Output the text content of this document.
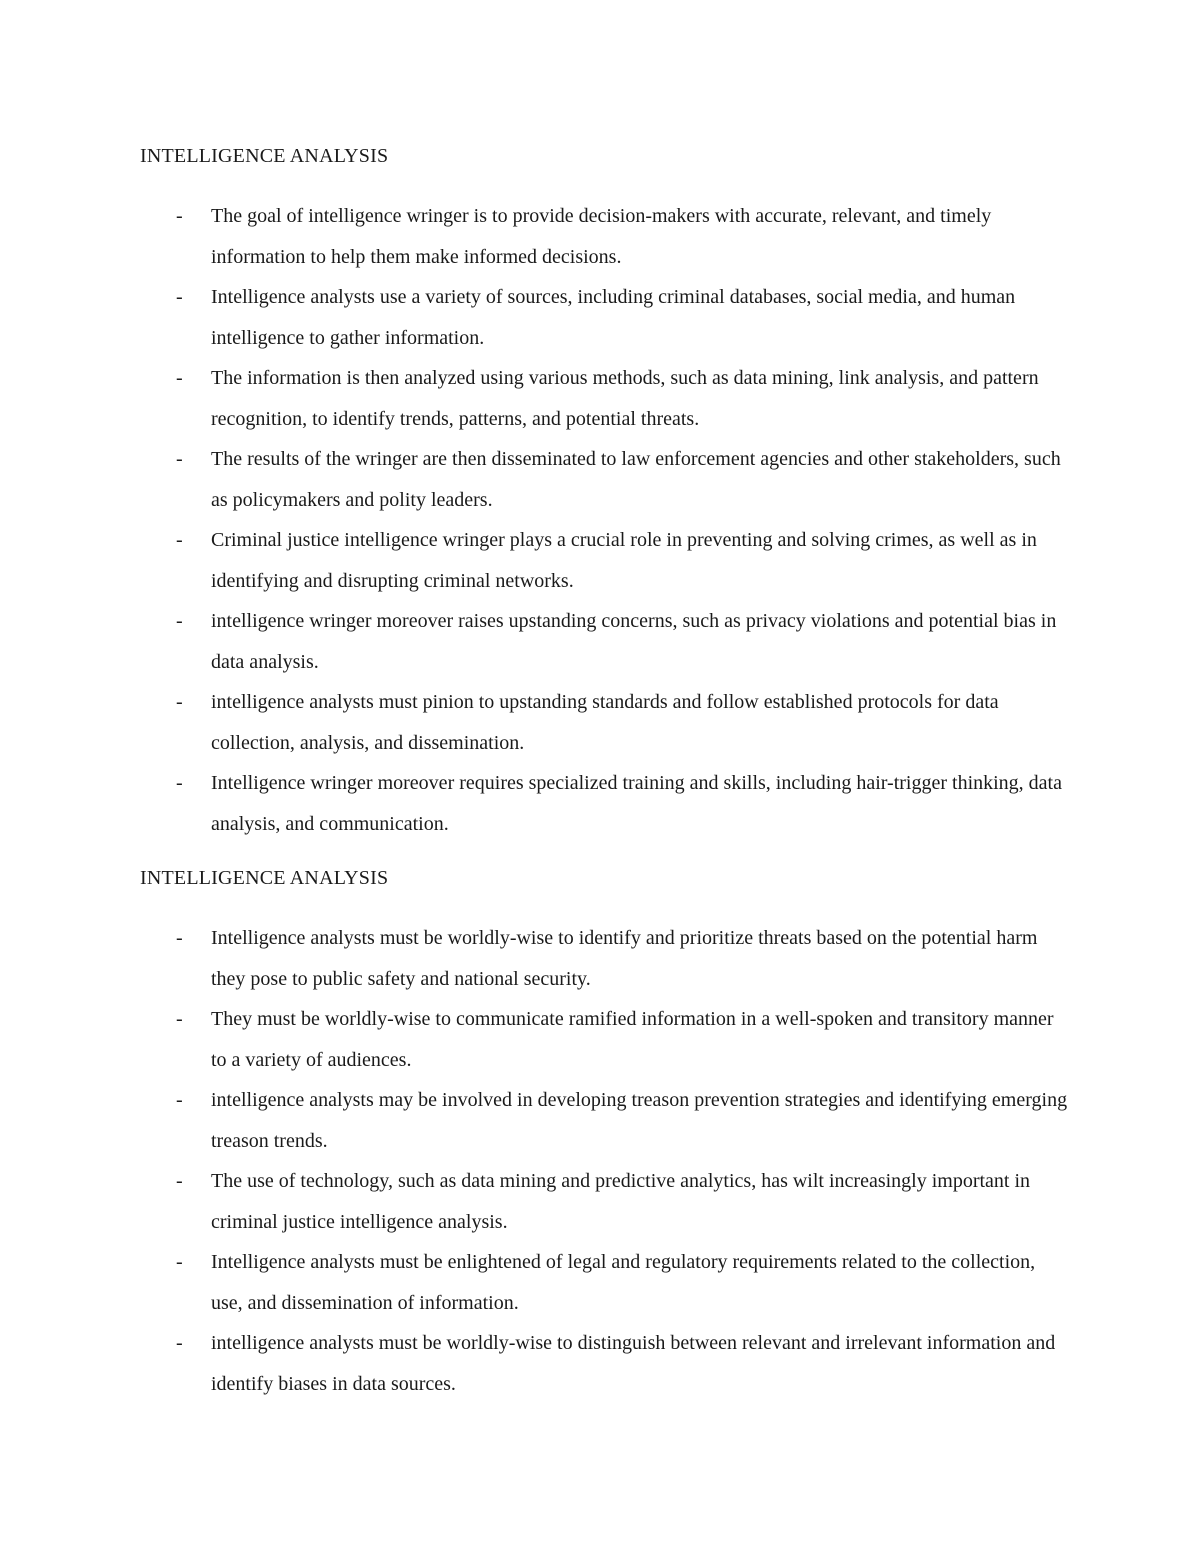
INTELLIGENCE ANALYSIS
- The goal of intelligence wringer is to provide decision-makers with accurate, relevant, and timely information to help them make informed decisions.
- Intelligence analysts use a variety of sources, including criminal databases, social media, and human intelligence to gather information.
- The information is then analyzed using various methods, such as data mining, link analysis, and pattern recognition, to identify trends, patterns, and potential threats.
- The results of the wringer are then disseminated to law enforcement agencies and other stakeholders, such as policymakers and polity leaders.
- Criminal justice intelligence wringer plays a crucial role in preventing and solving crimes, as well as in identifying and disrupting criminal networks.
- intelligence wringer moreover raises upstanding concerns, such as privacy violations and potential bias in data analysis.
- intelligence analysts must pinion to upstanding standards and follow established protocols for data collection, analysis, and dissemination.
- Intelligence wringer moreover requires specialized training and skills, including hair-trigger thinking, data analysis, and communication.
INTELLIGENCE ANALYSIS
- Intelligence analysts must be worldly-wise to identify and prioritize threats based on the potential harm they pose to public safety and national security.
- They must be worldly-wise to communicate ramified information in a well-spoken and transitory manner to a variety of audiences.
- intelligence analysts may be involved in developing treason prevention strategies and identifying emerging treason trends.
- The use of technology, such as data mining and predictive analytics, has wilt increasingly important in criminal justice intelligence analysis.
- Intelligence analysts must be enlightened of legal and regulatory requirements related to the collection, use, and dissemination of information.
- intelligence analysts must be worldly-wise to distinguish between relevant and irrelevant information and identify biases in data sources.
